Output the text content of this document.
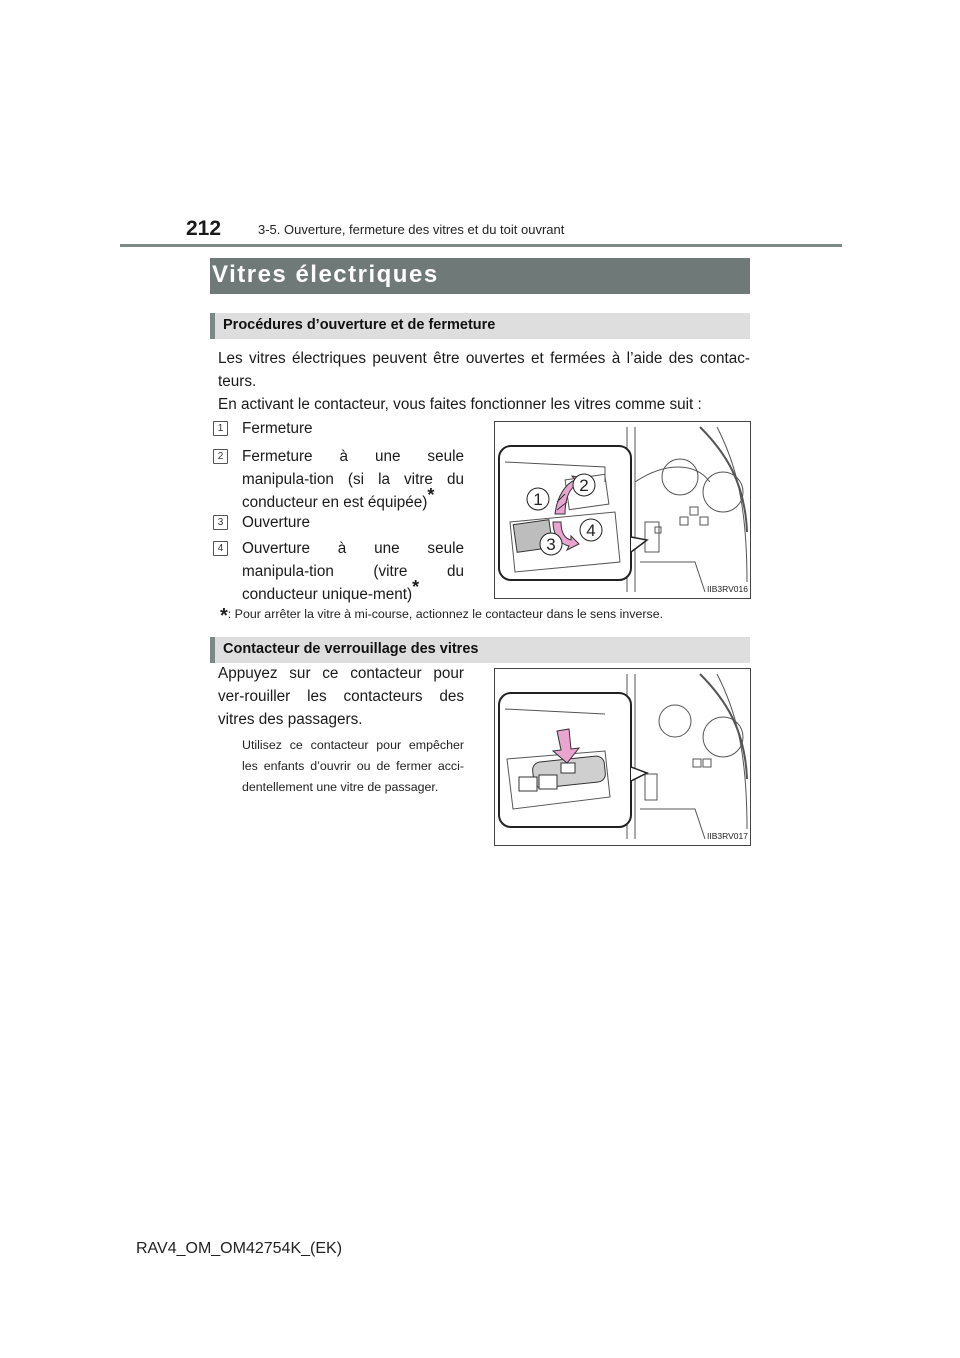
212	3-5. Ouverture, fermeture des vitres et du toit ouvrant
Vitres électriques
Procédures d’ouverture et de fermeture
Les vitres électriques peuvent être ouvertes et fermées à l’aide des contac-teurs.
En activant le contacteur, vous faites fonctionner les vitres comme suit :
1	Fermeture
2	Fermeture à une seule manipula-tion (si la vitre du conducteur en est équipée)*
3	Ouverture
4	Ouverture à une seule manipula-tion (vitre du conducteur unique-ment)*
1
2
3
4
IIB3RV016
*: Pour arrêter la vitre à mi-course, actionnez le contacteur dans le sens inverse.
Contacteur de verrouillage des vitres
Appuyez sur ce contacteur pour ver-rouiller les contacteurs des vitres des passagers.
Utilisez ce contacteur pour empêcher les enfants d’ouvrir ou de fermer acci-dentellement une vitre de passager.
IIB3RV017
RAV4_OM_OM42754K_(EK)
